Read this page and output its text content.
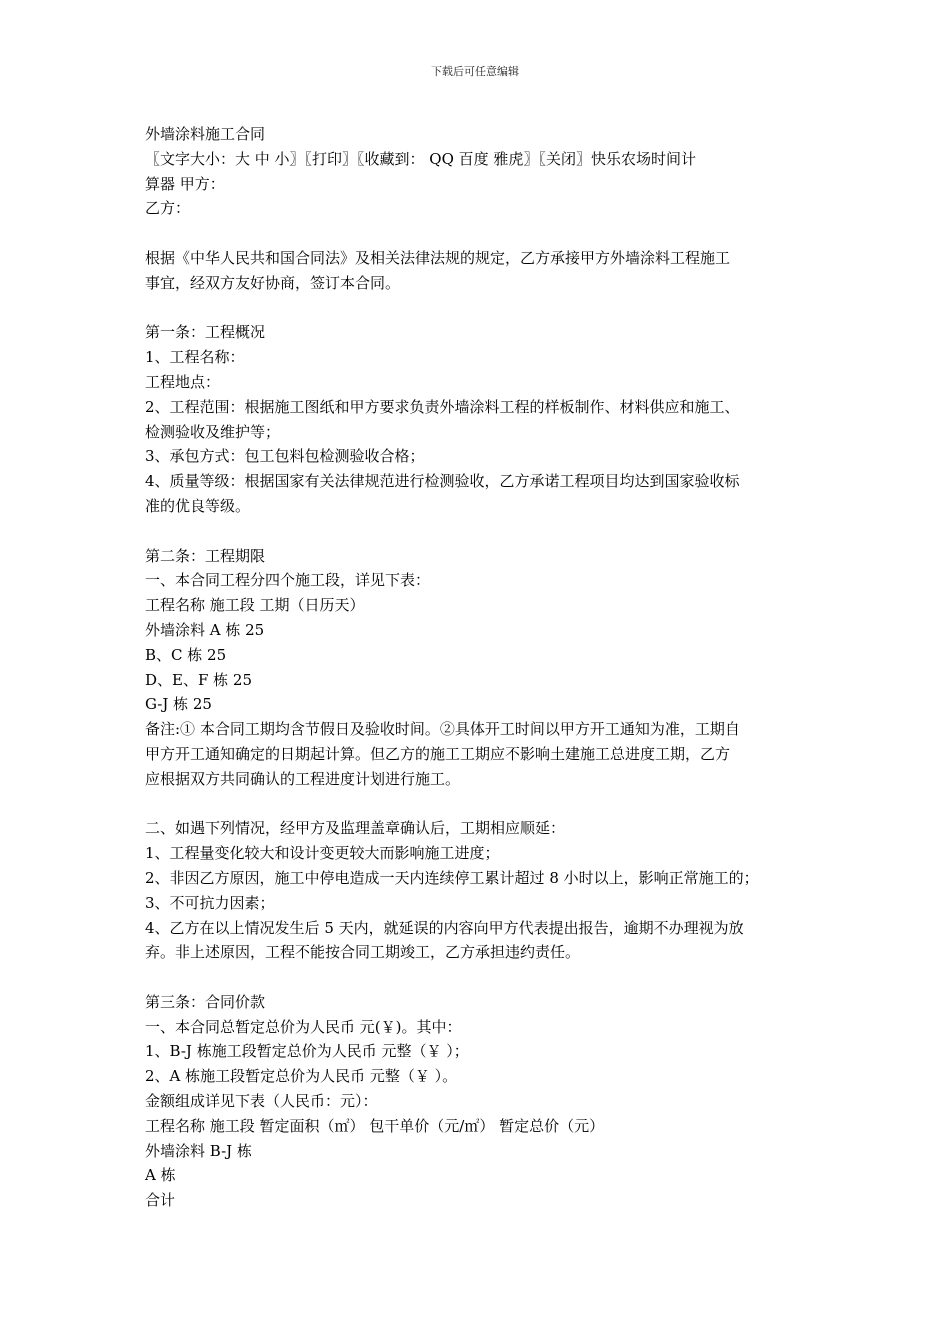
下载后可任意编辑

外墙涂料施工合同

〖文字大小：大 中 小〗〖打印〗〖收藏到： QQ 百度 雅虎〗〖关闭〗快乐农场时间计

算器 甲方：

乙方：

根据《中华人民共和国合同法》及相关法律法规的规定，乙方承接甲方外墙涂料工程施工

事宜，经双方友好协商，签订本合同。

第一条：工程概况

1、工程名称：

工程地点：

2、工程范围：根据施工图纸和甲方要求负责外墙涂料工程的样板制作、材料供应和施工、

检测验收及维护等；

3、承包方式：包工包料包检测验收合格；

4、质量等级：根据国家有关法律规范进行检测验收，乙方承诺工程项目均达到国家验收标

准的优良等级。

第二条：工程期限

一、本合同工程分四个施工段，详见下表：

工程名称 施工段 工期（日历天）

外墙涂料 A 栋 25

B、C 栋 25

D、E、F 栋 25

G-J 栋 25

备注:① 本合同工期均含节假日及验收时间。②具体开工时间以甲方开工通知为准，工期自

甲方开工通知确定的日期起计算。但乙方的施工工期应不影响土建施工总进度工期，乙方

应根据双方共同确认的工程进度计划进行施工。

二、如遇下列情况，经甲方及监理盖章确认后，工期相应顺延：

1、工程量变化较大和设计变更较大而影响施工进度；

2、非因乙方原因，施工中停电造成一天内连续停工累计超过 8 小时以上，影响正常施工的；

3、不可抗力因素；

4、乙方在以上情况发生后 5 天内，就延误的内容向甲方代表提出报告，逾期不办理视为放

弃。非上述原因，工程不能按合同工期竣工，乙方承担违约责任。

第三条：合同价款

一、本合同总暂定总价为人民币 元(￥)。其中：

1、B-J 栋施工段暂定总价为人民币 元整（￥ ）；

2、A 栋施工段暂定总价为人民币 元整（￥ ）。

金额组成详见下表（人民币：元）：

工程名称 施工段 暂定面积（㎡） 包干单价（元/㎡） 暂定总价（元）

外墙涂料 B-J 栋

A 栋

合计
